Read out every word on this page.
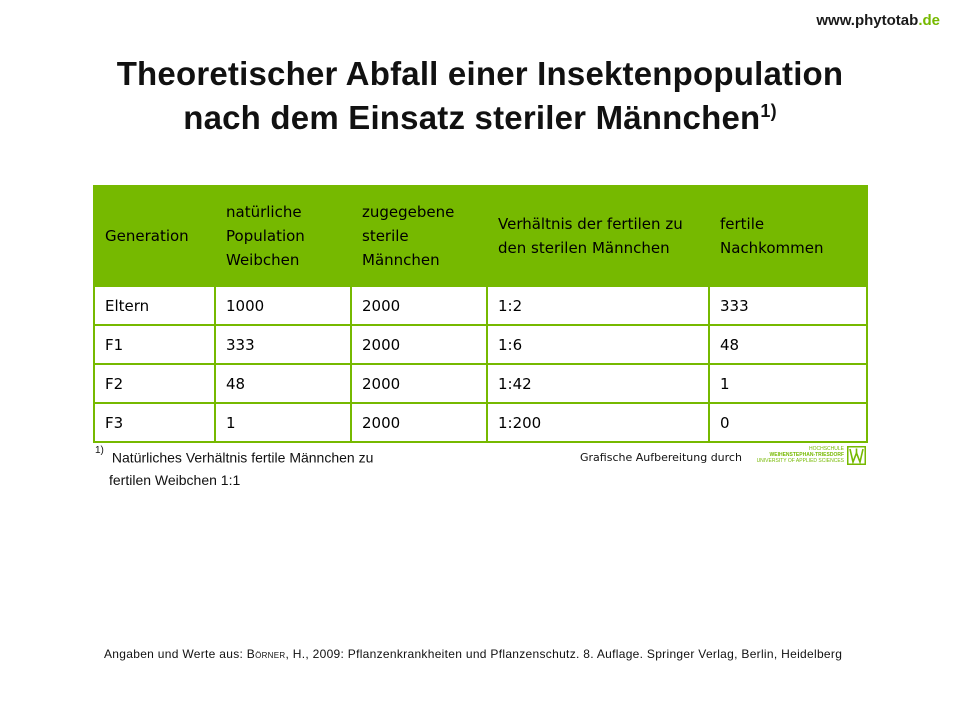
www.phytotab.de
Theoretischer Abfall einer Insektenpopulation
nach dem Einsatz steriler Männchen$^{1)}$
Generation	natürliche Population Weibchen	zugegebene sterile Männchen	Verhältnis der fertilen zu den sterilen Männchen	fertile Nachkommen
Eltern	1000	2000	1:2	333
F1	333	2000	1:6	48
F2	48	2000	1:42	1
F3	1	2000	1:200	0
$^{1)}$ Natürliches Verhältnis fertile Männchen zu
fertilen Weibchen 1:1
Grafische Aufbereitung durch
HOCHSCHULE
WEIHENSTEPHAN-TRIESDORF
UNIVERSITY OF APPLIED SCIENCES
Angaben und Werte aus: Börner, H., 2009: Pflanzenkrankheiten und Pflanzenschutz. 8. Auflage. Springer Verlag, Berlin, Heidelberg
